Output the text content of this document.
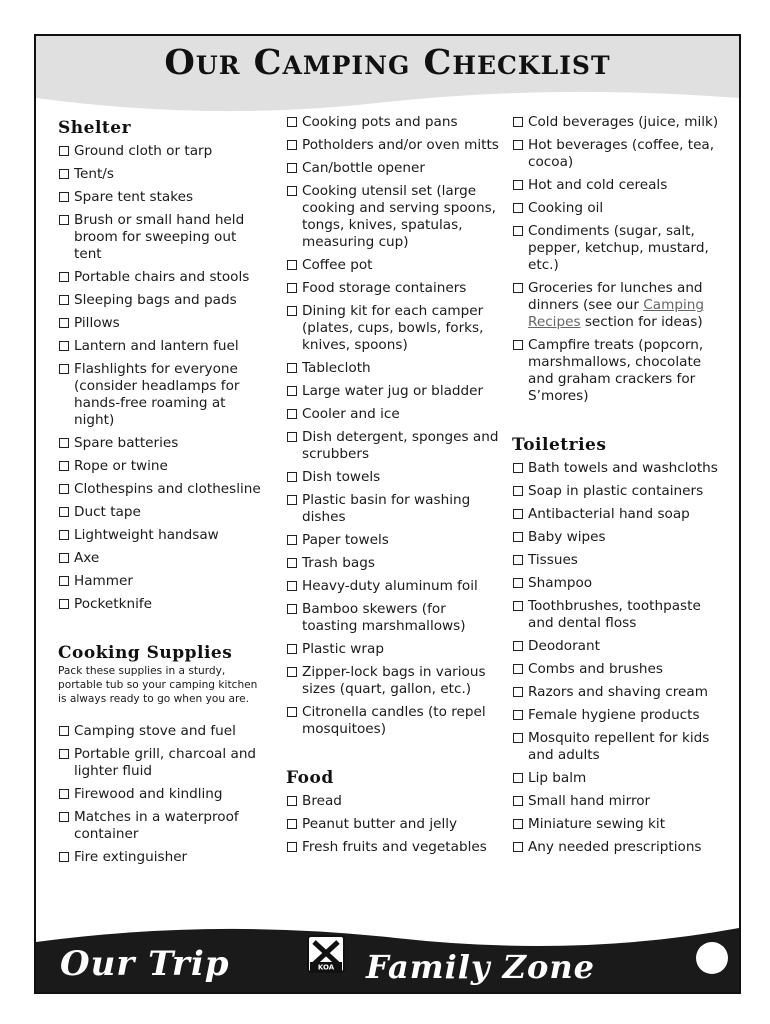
Our Camping Checklist
Shelter
Ground cloth or tarp
Tent/s
Spare tent stakes
Brush or small hand held broom for sweeping out tent
Portable chairs and stools
Sleeping bags and pads
Pillows
Lantern and lantern fuel
Flashlights for everyone (consider headlamps for hands-free roaming at night)
Spare batteries
Rope or twine
Clothespins and clothesline
Duct tape
Lightweight handsaw
Axe
Hammer
Pocketknife
Cooking Supplies
Pack these supplies in a sturdy, portable tub so your camping kitchen is always ready to go when you are.
Camping stove and fuel
Portable grill, charcoal and lighter fluid
Firewood and kindling
Matches in a waterproof container
Fire extinguisher
Cooking pots and pans
Potholders and/or oven mitts
Can/bottle opener
Cooking utensil set (large cooking and serving spoons, tongs, knives, spatulas, measuring cup)
Coffee pot
Food storage containers
Dining kit for each camper (plates, cups, bowls, forks, knives, spoons)
Tablecloth
Large water jug or bladder
Cooler and ice
Dish detergent, sponges and scrubbers
Dish towels
Plastic basin for washing dishes
Paper towels
Trash bags
Heavy-duty aluminum foil
Bamboo skewers (for toasting marshmallows)
Plastic wrap
Zipper-lock bags in various sizes (quart, gallon, etc.)
Citronella candles (to repel mosquitoes)
Food
Bread
Peanut butter and jelly
Fresh fruits and vegetables
Cold beverages (juice, milk)
Hot beverages (coffee, tea, cocoa)
Hot and cold cereals
Cooking oil
Condiments (sugar, salt, pepper, ketchup, mustard, etc.)
Groceries for lunches and dinners (see our Camping Recipes section for ideas)
Campfire treats (popcorn, marshmallows, chocolate and graham crackers for S’mores)
Toiletries
Bath towels and washcloths
Soap in plastic containers
Antibacterial hand soap
Baby wipes
Tissues
Shampoo
Toothbrushes, toothpaste and dental floss
Deodorant
Combs and brushes
Razors and shaving cream
Female hygiene products
Mosquito repellent for kids and adults
Lip balm
Small hand mirror
Miniature sewing kit
Any needed prescriptions
Our Trip	KOA Family Zone
